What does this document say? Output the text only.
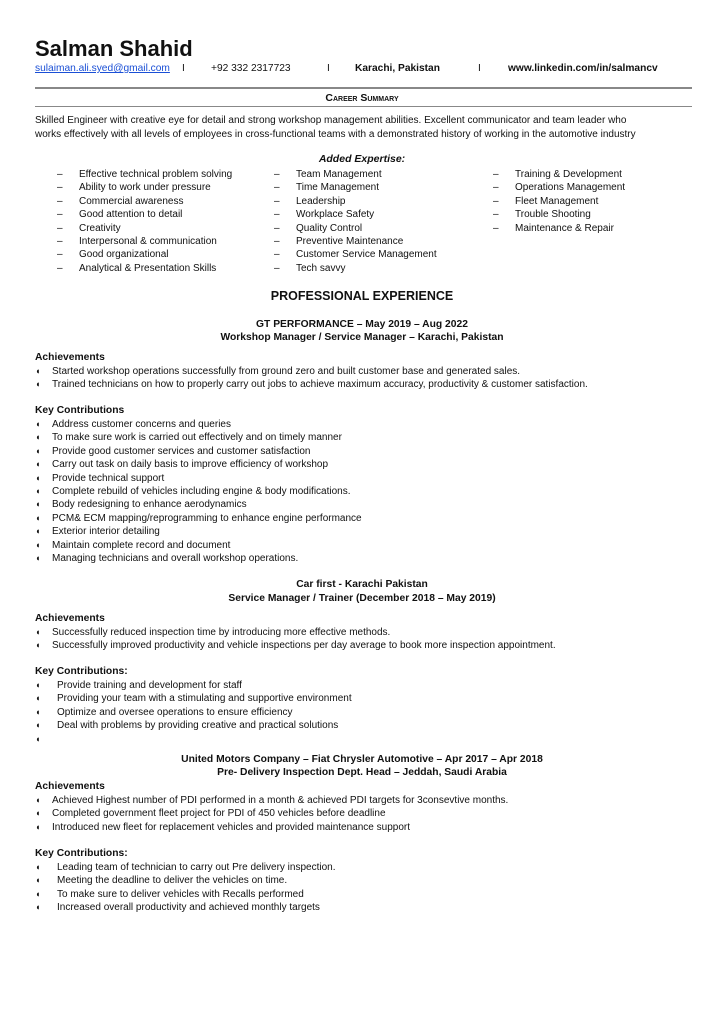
Salman Shahid
sulaiman.ali.syed@gmail.com I	+92 332 2317723	I Karachi, Pakistan	I	www.linkedin.com/in/salmancv
Career Summary
Skilled Engineer with creative eye for detail and strong workshop management abilities. Excellent communicator and team leader who
works effectively with all levels of employees in cross-functional teams with a demonstrated history of working in the automotive industry
Added Expertise:
– Effective technical problem solving
– Ability to work under pressure
– Commercial awareness
– Good attention to detail
– Creativity
– Interpersonal & communication
– Good organizational
– Analytical & Presentation Skills
– Team Management
– Time Management
– Leadership
– Workplace Safety
– Quality Control
– Preventive Maintenance
– Customer Service Management
– Tech savvy
– Training & Development
– Operations Management
– Fleet Management
– Trouble Shooting
– Maintenance & Repair
PROFESSIONAL EXPERIENCE
GT PERFORMANCE – May 2019 – Aug 2022
Workshop Manager / Service Manager – Karachi, Pakistan
Achievements
◖ Started workshop operations successfully from ground zero and built customer base and generated sales.
◖ Trained technicians on how to properly carry out jobs to achieve maximum accuracy, productivity & customer satisfaction.
Key Contributions
◖ Address customer concerns and queries
◖ To make sure work is carried out effectively and on timely manner
◖ Provide good customer services and customer satisfaction
◖ Carry out task on daily basis to improve efficiency of workshop
◖ Provide technical support
◖ Complete rebuild of vehicles including engine & body modifications.
◖ Body redesigning to enhance aerodynamics
◖ PCM& ECM mapping/reprogramming to enhance engine performance
◖ Exterior interior detailing
◖ Maintain complete record and document
◖ Managing technicians and overall workshop operations.
Car first - Karachi Pakistan
Service Manager / Trainer (December 2018 – May 2019)
Achievements
◖ Successfully reduced inspection time by introducing more effective methods.
◖ Successfully improved productivity and vehicle inspections per day average to book more inspection appointment.
Key Contributions:
◖ Provide training and development for staff
◖ Providing your team with a stimulating and supportive environment
◖ Optimize and oversee operations to ensure efficiency
◖ Deal with problems by providing creative and practical solutions
◖
United Motors Company – Fiat Chrysler Automotive – Apr 2017 – Apr 2018
Pre- Delivery Inspection Dept. Head – Jeddah, Saudi Arabia
Achievements
◖ Achieved Highest number of PDI performed in a month & achieved PDI targets for 3consevtive months.
◖ Completed government fleet project for PDI of 450 vehicles before deadline
◖ Introduced new fleet for replacement vehicles and provided maintenance support
Key Contributions:
◖ Leading team of technician to carry out Pre delivery inspection.
◖ Meeting the deadline to deliver the vehicles on time.
◖ To make sure to deliver vehicles with Recalls performed
◖ Increased overall productivity and achieved monthly targets
